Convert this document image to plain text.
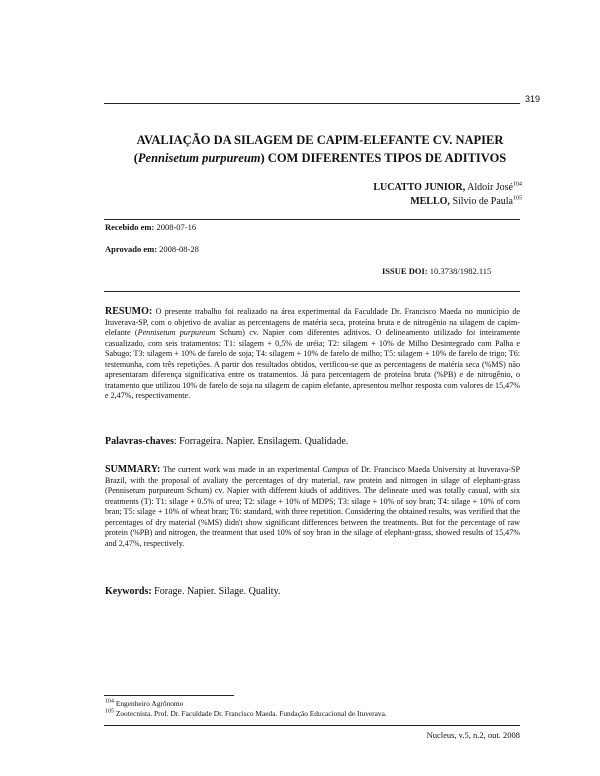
319
AVALIAÇÃO DA SILAGEM DE CAPIM-ELEFANTE CV. NAPIER
(Pennisetum purpureum) COM DIFERENTES TIPOS DE ADITIVOS
LUCATTO JUNIOR, Aldoir José$^{104}$
MELLO, Silvio de Paula$^{105}$
Recebido em: 2008-07-16
Aprovado em: 2008-08-28
ISSUE DOI: 10.3738/1982.115
RESUMO: O presente trabalho foi realizado na área experimental da Faculdade Dr. Francisco Maeda no município de Ituverava-SP, com o objetivo de avaliar as percentagens de matéria seca, proteína bruta e de nitrogênio na silagem de capim-elefante (Pennisetum purpureum Schum) cv. Napier com diferentes aditivos. O delineamento utilizado foi inteiramente casualizado, com seis tratamentos: T1: silagem + 0,5% de uréia; T2: silagem + 10% de Milho Desintegrado com Palha e Sabugo; T3: silagem + 10% de farelo de soja; T4: silagem + 10% de farelo de milho; T5: silagem + 10% de farelo de trigo; T6: testemunha, com três repetições. A partir dos resultados obtidos, verificou-se que as percentagens de matéria seca (%MS) não apresentaram diferença significativa entre os tratamentos. Já para percentagem de proteína bruta (%PB) e de nitrogênio, o tratamento que utilizou 10% de farelo de soja na silagem de capim elefante, apresentou melhor resposta com valores de 15,47% e 2,47%, respectivamente.
Palavras-chaves: Forrageira. Napier. Ensilagem. Qualidade.
SUMMARY: The current work was made in an experimental Campus of Dr. Francisco Maeda University at Ituverava-SP Brazil, with the proposal of avaliaty the percentages of dry material, raw protein and nitrogen in silage of elephant-grass (Pennisetum purpureum Schum) cv. Napier with different kiuds of additives. The delineate used was totally casual, with six treatments (T): T1: silage + 0.5% of urea; T2: silage + 10% of MDPS; T3: silage + 10% of soy bran; T4: silage + 10% of corn bran; T5: silage + 10% of wheat bran; T6: standard, with three repetition. Considering the obtained results, was verified that the percentages of dry material (%MS) didn't show significant differences between the treatments. But for the percentage of raw protein (%PB) and nitrogen, the treatment that used 10% of soy bran in the silage of elephant-grass, showed results of 15,47% and 2,47%, respectively.
Keywords: Forage. Napier. Silage. Quality.
$^{104}$ Engenheiro Agrônomo
$^{105}$ Zootecnista. Prof. Dr. Faculdade Dr. Francisco Maeda. Fundação Educacional de Ituverava.
Nucleus, v.5, n.2, out. 2008
